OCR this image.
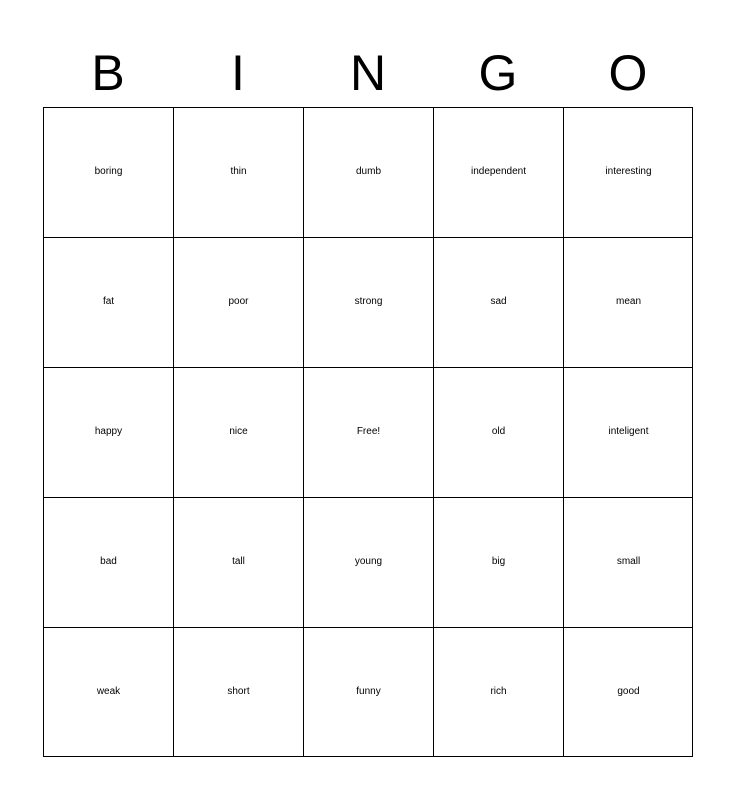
B	I	N	G	O
boring	thin	dumb	independent	interesting
fat	poor	strong	sad	mean
happy	nice	Free!	old	inteligent
bad	tall	young	big	small
weak	short	funny	rich	good
